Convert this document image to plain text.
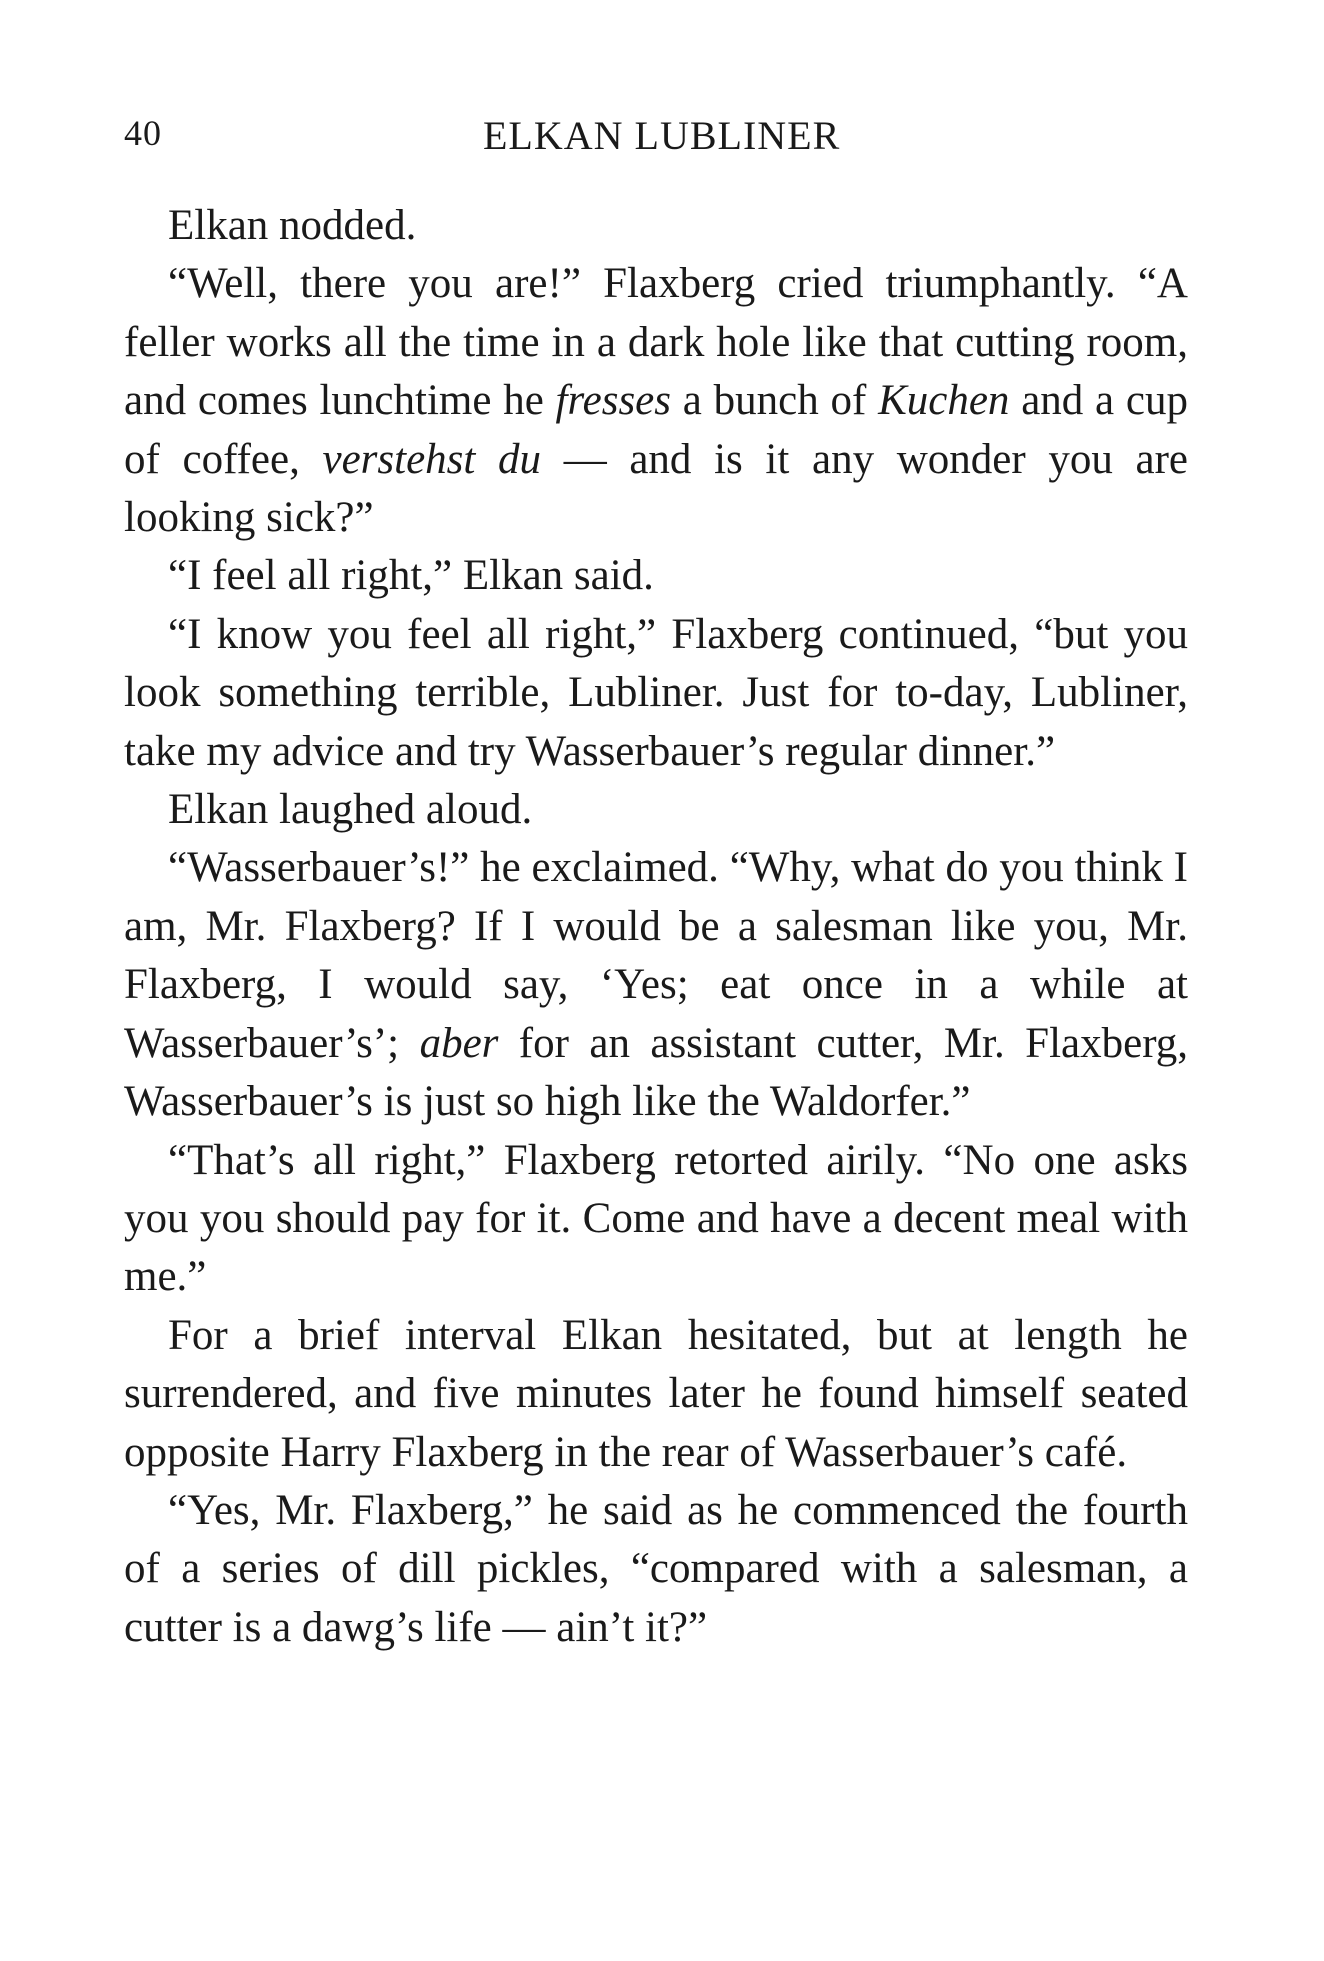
40	ELKAN LUBLINER

Elkan nodded.

“Well, there you are!” Flaxberg cried triumphantly. “A feller works all the time in a dark hole like that cutting room, and comes lunchtime he fresses a bunch of Kuchen and a cup of coffee, verstehst du — and is it any wonder you are looking sick?”

“I feel all right,” Elkan said.

“I know you feel all right,” Flaxberg continued, “but you look something terrible, Lubliner. Just for to-day, Lubliner, take my advice and try Wasserbauer’s regular dinner.”

Elkan laughed aloud.

“Wasserbauer’s!” he exclaimed. “Why, what do you think I am, Mr. Flaxberg? If I would be a salesman like you, Mr. Flaxberg, I would say, ‘Yes; eat once in a while at Wasserbauer’s’; aber for an assistant cutter, Mr. Flaxberg, Wasserbauer’s is just so high like the Waldorfer.”

“That’s all right,” Flaxberg retorted airily. “No one asks you you should pay for it. Come and have a decent meal with me.”

For a brief interval Elkan hesitated, but at length he surrendered, and five minutes later he found himself seated opposite Harry Flaxberg in the rear of Wasserbauer’s café.

“Yes, Mr. Flaxberg,” he said as he commenced the fourth of a series of dill pickles, “compared with a salesman, a cutter is a dawg’s life — ain’t it?”
